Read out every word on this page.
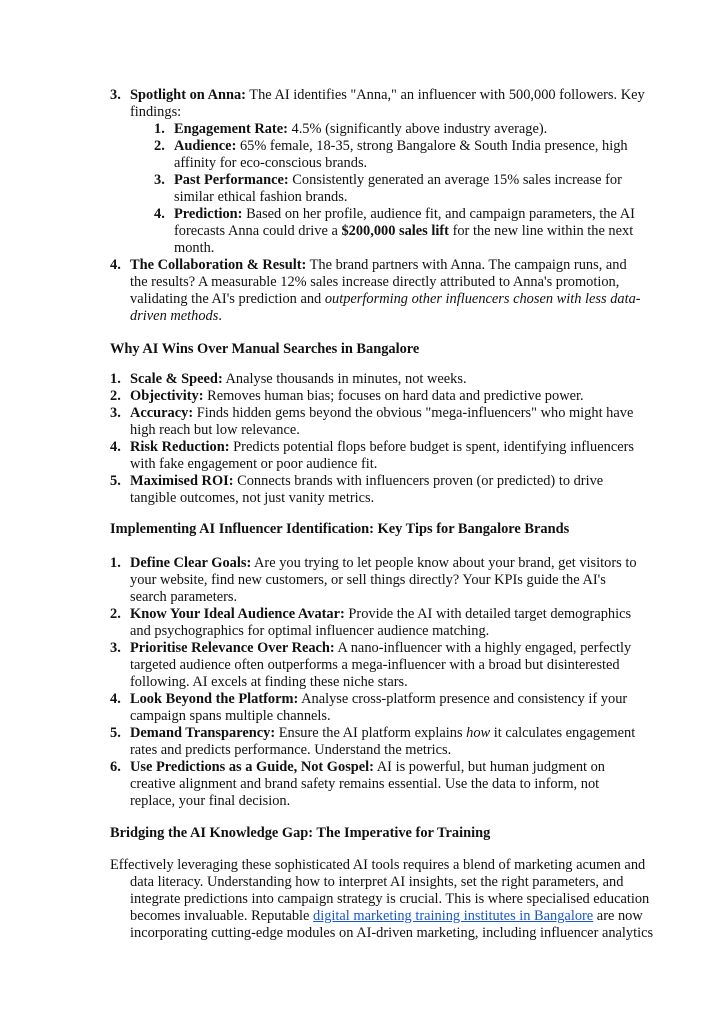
3. Spotlight on Anna: The AI identifies "Anna," an influencer with 500,000 followers. Key findings:
1. Engagement Rate: 4.5% (significantly above industry average).
2. Audience: 65% female, 18-35, strong Bangalore & South India presence, high affinity for eco-conscious brands.
3. Past Performance: Consistently generated an average 15% sales increase for similar ethical fashion brands.
4. Prediction: Based on her profile, audience fit, and campaign parameters, the AI forecasts Anna could drive a $200,000 sales lift for the new line within the next month.
4. The Collaboration & Result: The brand partners with Anna. The campaign runs, and the results? A measurable 12% sales increase directly attributed to Anna's promotion, validating the AI's prediction and outperforming other influencers chosen with less data-driven methods.
Why AI Wins Over Manual Searches in Bangalore
1. Scale & Speed: Analyse thousands in minutes, not weeks.
2. Objectivity: Removes human bias; focuses on hard data and predictive power.
3. Accuracy: Finds hidden gems beyond the obvious "mega-influencers" who might have high reach but low relevance.
4. Risk Reduction: Predicts potential flops before budget is spent, identifying influencers with fake engagement or poor audience fit.
5. Maximised ROI: Connects brands with influencers proven (or predicted) to drive tangible outcomes, not just vanity metrics.
Implementing AI Influencer Identification: Key Tips for Bangalore Brands
1. Define Clear Goals: Are you trying to let people know about your brand, get visitors to your website, find new customers, or sell things directly? Your KPIs guide the AI's search parameters.
2. Know Your Ideal Audience Avatar: Provide the AI with detailed target demographics and psychographics for optimal influencer audience matching.
3. Prioritise Relevance Over Reach: A nano-influencer with a highly engaged, perfectly targeted audience often outperforms a mega-influencer with a broad but disinterested following. AI excels at finding these niche stars.
4. Look Beyond the Platform: Analyse cross-platform presence and consistency if your campaign spans multiple channels.
5. Demand Transparency: Ensure the AI platform explains how it calculates engagement rates and predicts performance. Understand the metrics.
6. Use Predictions as a Guide, Not Gospel: AI is powerful, but human judgment on creative alignment and brand safety remains essential. Use the data to inform, not replace, your final decision.
Bridging the AI Knowledge Gap: The Imperative for Training
Effectively leveraging these sophisticated AI tools requires a blend of marketing acumen and data literacy. Understanding how to interpret AI insights, set the right parameters, and integrate predictions into campaign strategy is crucial. This is where specialised education becomes invaluable. Reputable digital marketing training institutes in Bangalore are now incorporating cutting-edge modules on AI-driven marketing, including influencer analytics
